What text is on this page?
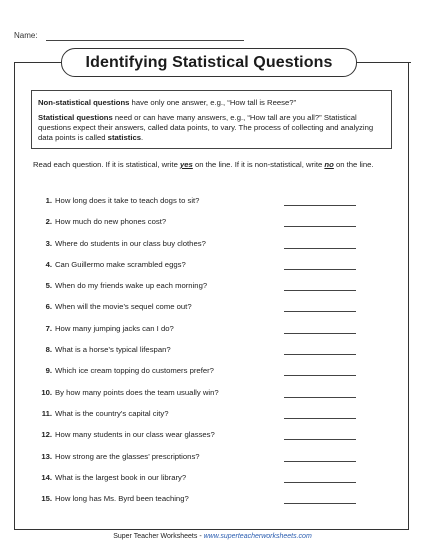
Name:
Identifying Statistical Questions

Non-statistical questions have only one answer, e.g., “How tall is Reese?”

Statistical questions need or can have many answers, e.g., “How tall are you all?” Statistical questions expect their answers, called data points, to vary. The process of collecting and analyzing data points is called statistics.

Read each question. If it is statistical, write yes on the line. If it is non-statistical, write no on the line.

1. How long does it take to teach dogs to sit?
2. How much do new phones cost?
3. Where do students in our class buy clothes?
4. Can Guillermo make scrambled eggs?
5. When do my friends wake up each morning?
6. When will the movie’s sequel come out?
7. How many jumping jacks can I do?
8. What is a horse’s typical lifespan?
9. Which ice cream topping do customers prefer?
10. By how many points does the team usually win?
11. What is the country’s capital city?
12. How many students in our class wear glasses?
13. How strong are the glasses’ prescriptions?
14. What is the largest book in our library?
15. How long has Ms. Byrd been teaching?
Super Teacher Worksheets - www.superteacherworksheets.com
